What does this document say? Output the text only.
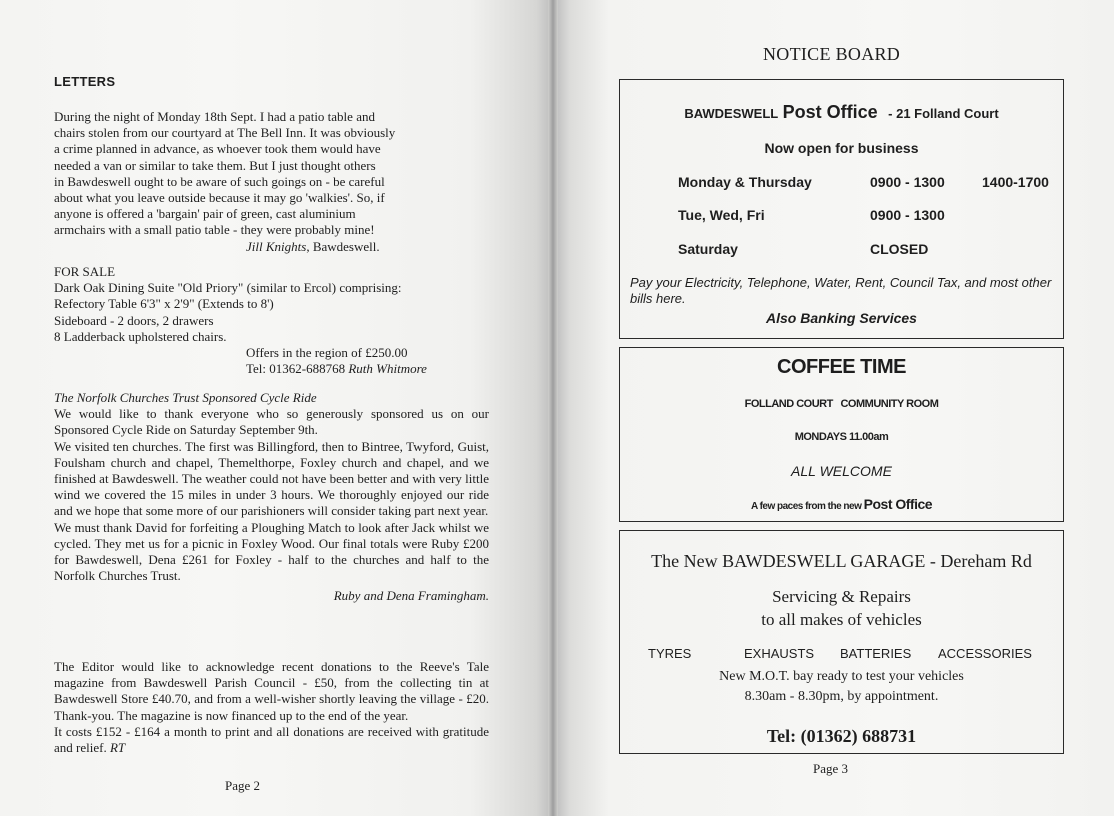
LETTERS
During the night of Monday 18th Sept. I had a patio table and
chairs stolen from our courtyard at The Bell Inn. It was obviously
a crime planned in advance, as whoever took them would have
needed a van or similar to take them. But I just thought others
in Bawdeswell ought to be aware of such goings on - be careful
about what you leave outside because it may go 'walkies'. So, if
anyone is offered a 'bargain' pair of green, cast aluminium
armchairs with a small patio table - they were probably mine!
Jill Knights, Bawdeswell.
FOR SALE
Dark Oak Dining Suite "Old Priory" (similar to Ercol) comprising:
Refectory Table 6'3" x 2'9" (Extends to 8')
Sideboard - 2 doors, 2 drawers
8 Ladderback upholstered chairs.
Offers in the region of £250.00
Tel: 01362-688768 Ruth Whitmore
The Norfolk Churches Trust Sponsored Cycle Ride
We would like to thank everyone who so generously sponsored us on our Sponsored Cycle Ride on Saturday September 9th.
We visited ten churches. The first was Billingford, then to Bintree, Twyford, Guist, Foulsham church and chapel, Themelthorpe, Foxley church and chapel, and we finished at Bawdeswell. The weather could not have been better and with very little wind we covered the 15 miles in under 3 hours. We thoroughly enjoyed our ride and we hope that some more of our parishioners will consider taking part next year.
We must thank David for forfeiting a Ploughing Match to look after Jack whilst we cycled. They met us for a picnic in Foxley Wood. Our final totals were Ruby £200 for Bawdeswell, Dena £261 for Foxley - half to the churches and half to the Norfolk Churches Trust.
Ruby and Dena Framingham.
The Editor would like to acknowledge recent donations to the Reeve's Tale magazine from Bawdeswell Parish Council - £50, from the collecting tin at Bawdeswell Store £40.70, and from a well-wisher shortly leaving the village - £20. Thank-you. The magazine is now financed up to the end of the year.
It costs £152 - £164 a month to print and all donations are received with gratitude and relief. RT
Page 2
NOTICE BOARD
BAWDESWELL Post Office - 21 Folland Court
Now open for business
Monday & Thursday	0900 - 1300	1400-1700
Tue, Wed, Fri	0900 - 1300
Saturday	CLOSED
Pay your Electricity, Telephone, Water, Rent, Council Tax, and most other bills here.
Also Banking Services
COFFEE TIME
FOLLAND COURT   COMMUNITY ROOM
MONDAYS 11.00am
ALL WELCOME
A few paces from the new Post Office
The New BAWDESWELL GARAGE - Dereham Rd
Servicing & Repairs
to all makes of vehicles
TYRES	EXHAUSTS BATTERIES ACCESSORIES
New M.O.T. bay ready to test your vehicles
8.30am - 8.30pm, by appointment.
Tel: (01362) 688731
Page 3
